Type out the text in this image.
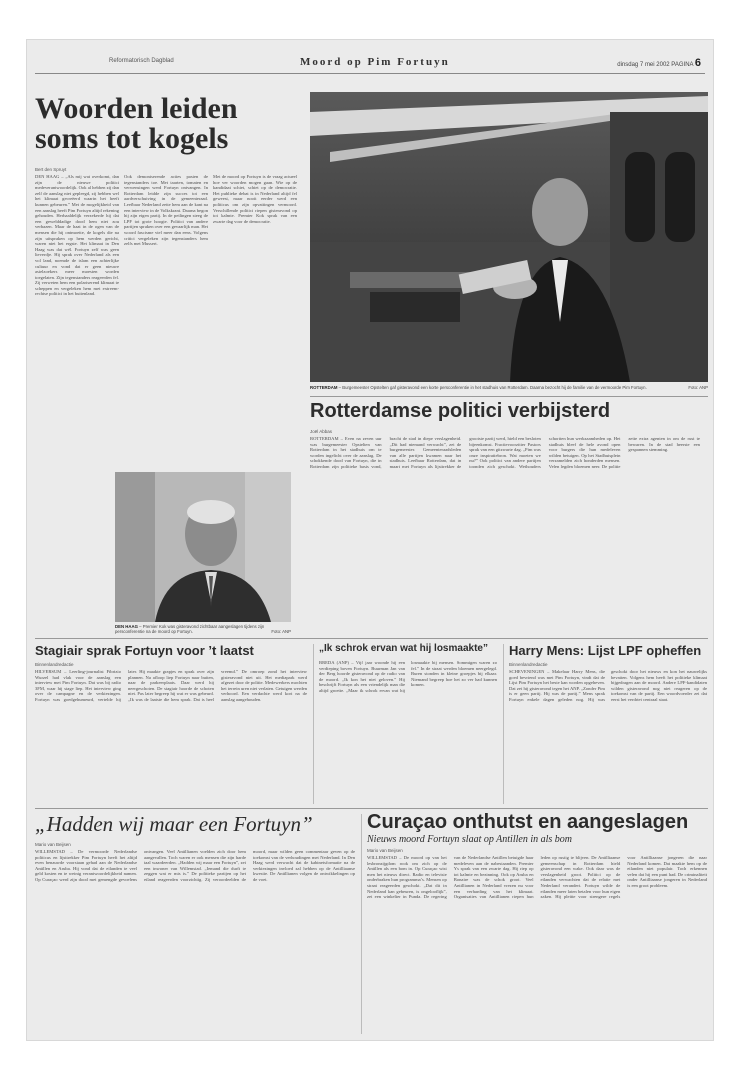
Reformatorisch Dagblad	Moord op Pim Fortuyn	dinsdag 7 mei 2002 PAGINA 6
Woorden leiden soms tot kogels
Bert den Spruyt
DEN HAAG – „Als mij wat overkomt, dan zijn de nieuwe politici medeverantwoordelijk. Ook al hebben zij dan zelf de aanslag niet gepleegd, zij hebben wel het klimaat gecreëerd waarin het heeft kunnen gebeuren.” Met de mogelijkheid van een aanslag heeft Pim Fortuyn altijd rekening gehouden. Herhaaldelijk verzekerde hij dat een gewelddadige dood hem niet zou verbazen. Maar de haat in de ogen van de mensen die hij ontmoette, de kogels die na zijn uitspraken op hem werden gericht, waren niet het ergste. Het klimaat in Den Haag was dat wél. Fortuyn zelf was geen lieverdje. Hij sprak over Nederland als een vol land, noemde de islam een achterlijke cultuur en vond dat er geen nieuwe asielzoekers meer moesten worden toegelaten. Zijn tegenstanders reageerden fel. Zij verweten hem een polariserend klimaat te scheppen en vergeleken hem met extreem-rechtse politici in het buitenland.
Ook demoniserende acties pasten de tegenstanders toe. Met taarten, tomaten en verwensingen werd Fortuyn ontvangen. In Rotterdam leidde zijn succes tot een aardverschuiving in de gemeenteraad. Leefbaar Nederland zette hem aan de kant na een interview in de Volkskrant. Daarna begon hij zijn eigen partij. In de peilingen steeg de LPF tot grote hoogte. Politici van andere partijen spraken over een gevaarlijk man. Het woord fascisme viel meer dan eens. Volgens critici vergeleken zijn tegenstanders hem zelfs met Mussert.
Met de moord op Fortuyn is de vraag actueel hoe ver woorden mogen gaan. Wie op de kandidaat schiet, schiet op de democratie. Het publieke debat is in Nederland altijd fel geweest, maar nooit eerder werd een politicus om zijn opvattingen vermoord. Verschillende politici riepen gisteravond op tot kalmte. Premier Kok sprak van een zwarte dag voor de democratie.
DEN HAAG – Premier Kok was gisteravond zichtbaar aangeslagen tijdens zijn persconferentie na de moord op Fortuyn.	Foto: ANP
ROTTERDAM – Burgemeester Opstelten gaf gisteravond een korte persconferentie in het stadhuis van Rotterdam. Daarna bezocht hij de familie van de vermoorde Pim Fortuyn.	Foto: ANP
Rotterdamse politici verbijsterd
Joël Abbas
ROTTERDAM – Even na zeven uur was burgemeester Opstelten van Rotterdam in het stadhuis om te worden ingelicht over de aanslag. De schokkende dood van Fortuyn, die in Rotterdam zijn politieke basis vond, bracht de stad in diepe verslagenheid. „Dit had niemand verwacht”, zei de burgemeester. Gemeenteraadsleden van alle partijen kwamen naar het stadhuis. Leefbaar Rotterdam, dat in maart met Fortuyn als lijsttrekker de grootste partij werd, hield een besloten bijeenkomst. Fractievoorzitter Pastors sprak van een gitzwarte dag. „Pim was onze inspiratiebron. Wat moeten we nu?” Ook politici van andere partijen toonden zich geschokt. Wethouders schortten hun werkzaamheden op. Het stadhuis bleef de hele avond open voor burgers die hun medeleven wilden betuigen. Op het Stadhuisplein verzamelden zich honderden mensen. Velen legden bloemen neer. De politie zette extra agenten in om de rust te bewaren. In de stad heerste een gespannen stemming.
Stagiair sprak Fortuyn voor ’t laatst
Binnenlandredactie
HILVERSUM – Leerling-journalist Fibrizio Wurzel had vlak voor de aanslag een interview met Pim Fortuyn. Dat was bij radio 3FM, waar hij stage liep. Het interview ging over de campagne en de verkiezingen. Fortuyn was goedgehumeurd, vertelde hij later. Hij maakte grapjes en sprak over zijn plannen. Na afloop liep Fortuyn naar buiten, naar de parkeerplaats. Daar werd hij neergeschoten. De stagiair hoorde de schoten niet. Pas later begreep hij wat er was gebeurd. „Ik was de laatste die hem sprak. Dat is heel vreemd.” De omroep zond het interview gisteravond niet uit. Het mediapark werd afgezet door de politie. Medewerkers mochten het terrein uren niet verlaten. Getuigen werden verhoord. Een verdachte werd kort na de aanslag aangehouden.
„Ik schrok ervan wat hij losmaakte”
BREDA (ANP) – Vijf jaar woonde hij een verdieping boven Fortuyn. Buurman Jan van der Berg hoorde gisteravond op de radio van de moord. „Ik kon het niet geloven.” Hij beschrijft Fortuyn als een vriendelijk man die altijd groette. „Maar ik schrok ervan wat hij losmaakte bij mensen. Sommigen waren zo fel.” In de straat werden bloemen neergelegd. Buren stonden in kleine groepjes bij elkaar. Niemand begreep hoe het zo ver had kunnen komen.
Harry Mens: Lijst LPF opheffen
Binnenlandredactie
SCHEVENINGEN – Makelaar Harry Mens, die goed bevriend was met Pim Fortuyn, vindt dat de Lijst Pim Fortuyn het beste kan worden opgeheven. Dat zei hij gisteravond tegen het ANP. „Zonder Pim is er geen partij. Hij was de partij.” Mens sprak Fortuyn enkele dagen geleden nog. Hij was geschokt door het nieuws en kon het nauwelijks bevatten. Volgens hem heeft het politieke klimaat bijgedragen aan de moord. Andere LPF-kandidaten wilden gisteravond nog niet reageren op de toekomst van de partij. Een woordvoerder zei dat eerst het verdriet centraal staat.
„Hadden wij maar een Fortuyn”
Mario van Beijsen
WILLEMSTAD – De vermoorde Nederlandse politicus en lijsttrekker Pim Fortuyn heeft het altijd even benauwde voorstaan gehad aan de Nederlandse Antillen en Aruba. Hij vond dat de eilanden te veel geld kosten en te weinig verantwoordelijkheid namen. Op Curaçao werd zijn dood met gemengde gevoelens ontvangen. Veel Antillianen voelden zich door hem aangevallen. Toch waren er ook mensen die zijn harde taal waardeerden. „Hadden wij maar een Fortuyn”, zei een inwoner van Willemstad. „Iemand die durft te zeggen wat er mis is.” De politieke partijen op het eiland reageerden voorzichtig. Zij veroordeelden de moord, maar wilden geen commentaar geven op de toekomst van de verhoudingen met Nederland. In Den Haag werd verwacht dat de kabinetsformatie na de verkiezingen invloed zal hebben op de Antilliaanse kwestie. De Antillianen volgen de ontwikkelingen op de voet.
Curaçao onthutst en aangeslagen
Nieuws moord Fortuyn slaat op Antillen in als bom
Mario van Beijsen
WILLEMSTAD – De moord op van het lesbronzijgdom rook om zich op de Antillen als een bom in. Op Curaçao wist men het nieuws direct. Radio en televisie onderbraken hun programma’s. Mensen op straat reageerden geschokt. „Dat dit in Nederland kan gebeuren, is ongelooflijk”, zei een winkelier in Punda. De regering van de Nederlandse Antillen betuigde haar medeleven aan de nabestaanden. Premier Ys sprak van een zwarte dag. Hij riep op tot kalmte en bezinning. Ook op Aruba en Bonaire was de schok groot. Veel Antillianen in Nederland vrezen nu voor een verharding van het klimaat. Organisaties van Antillianen riepen hun leden op rustig te blijven. De Antilliaanse gemeenschap in Rotterdam hield gisteravond een wake. Ook daar was de verslagenheid groot. Politici op de eilanden verwachten dat de relatie met Nederland verandert. Fortuyn wilde de eilanden meer laten betalen voor hun eigen zaken. Hij pleitte voor strengere regels voor Antilliaanse jongeren die naar Nederland komen. Dat maakte hem op de eilanden niet populair. Toch erkennen velen dat hij een punt had. De criminaliteit onder Antilliaanse jongeren in Nederland is een groot probleem.
